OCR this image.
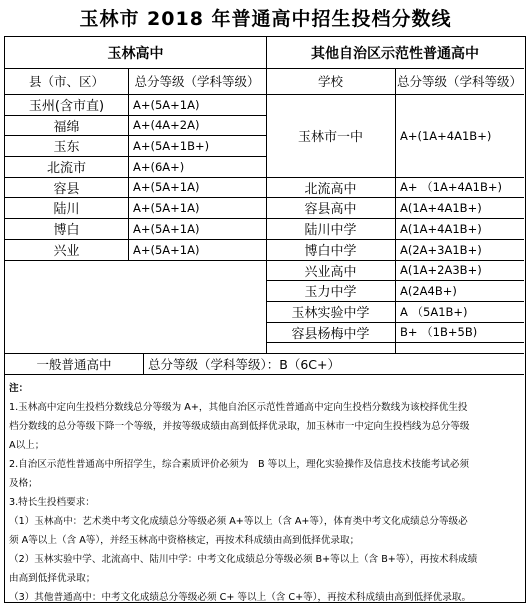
玉林市 2018 年普通高中招生投档分数线
玉林高中	其他自治区示范性普通高中
县（市、区）	总分等级（学科等级）	学校	总分等级（学科等级）
玉州(含市直)	A+(5A+1A)
福绵	A+(4A+2A)
玉东	A+(5A+1B+)
北流市	A+(6A+)
容县	A+(5A+1A)
陆川	A+(5A+1A)
博白	A+(5A+1A)
兴业	A+(5A+1A)
玉林市一中	A+(1A+4A1B+)
北流高中	A+ （1A+4A1B+)
容县高中	A(1A+4A1B+)
陆川中学	A(1A+4A1B+)
博白中学	A(2A+3A1B+)
兴业高中	A(1A+2A3B+)
玉力中学	A(2A4B+)
玉林实验中学	A （5A1B+)
容县杨梅中学	B+ （1B+5B)
一般普通高中	总分等级（学科等级）：B（6C+）
注：
1.玉林高中定向生投档分数线总分等级为 A+，其他自治区示范性普通高中定向生投档分数线为该校择优生投
档分数线的总分等级下降一个等级，并按等级成绩由高到低择优录取，加玉林市一中定向生投档线为总分等级
A以上；
2.自治区示范性普通高中所招学生，综合素质评价必须为　B 等以上，理化实验操作及信息技术技能考试必须
及格；
3.特长生投档要求：
（1）玉林高中：艺术类中考文化成绩总分等级必须 A+等以上（含 A+等），体育类中考文化成绩总分等级必
须 A等以上（含 A等），并经玉林高中资格核定，再按术科成绩由高到低择优录取；
（2）玉林实验中学、北流高中、陆川中学：中考文化成绩总分等级必须 B+等以上（含 B+等），再按术科成绩
由高到低择优录取；
（3）其他普通高中：中考文化成绩总分等级必须 C+ 等以上（含 C+等），再按术科成绩由高到低择优录取。
